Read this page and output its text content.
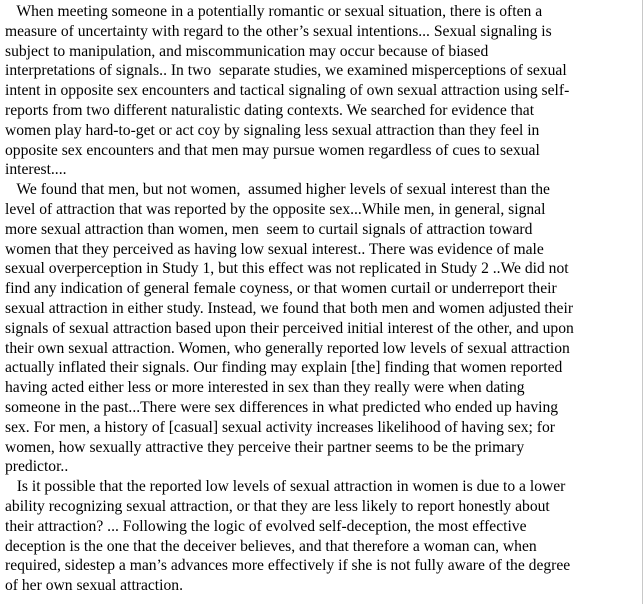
When meeting someone in a potentially romantic or sexual situation, there is often a
measure of uncertainty with regard to the other’s sexual intentions... Sexual signaling is
subject to manipulation, and miscommunication may occur because of biased
interpretations of signals.. In two  separate studies, we examined misperceptions of sexual
intent in opposite sex encounters and tactical signaling of own sexual attraction using self-
reports from two different naturalistic dating contexts. We searched for evidence that
women play hard-to-get or act coy by signaling less sexual attraction than they feel in
opposite sex encounters and that men may pursue women regardless of cues to sexual
interest....
We found that men, but not women,  assumed higher levels of sexual interest than the
level of attraction that was reported by the opposite sex...While men, in general, signal
more sexual attraction than women, men  seem to curtail signals of attraction toward
women that they perceived as having low sexual interest.. There was evidence of male
sexual overperception in Study 1, but this effect was not replicated in Study 2 ..We did not
find any indication of general female coyness, or that women curtail or underreport their
sexual attraction in either study. Instead, we found that both men and women adjusted their
signals of sexual attraction based upon their perceived initial interest of the other, and upon
their own sexual attraction. Women, who generally reported low levels of sexual attraction
actually inflated their signals. Our finding may explain [the] finding that women reported
having acted either less or more interested in sex than they really were when dating
someone in the past...There were sex differences in what predicted who ended up having
sex. For men, a history of [casual] sexual activity increases likelihood of having sex; for
women, how sexually attractive they perceive their partner seems to be the primary
predictor..
Is it possible that the reported low levels of sexual attraction in women is due to a lower
ability recognizing sexual attraction, or that they are less likely to report honestly about
their attraction? ... Following the logic of evolved self-deception, the most effective
deception is the one that the deceiver believes, and that therefore a woman can, when
required, sidestep a man’s advances more effectively if she is not fully aware of the degree
of her own sexual attraction.
